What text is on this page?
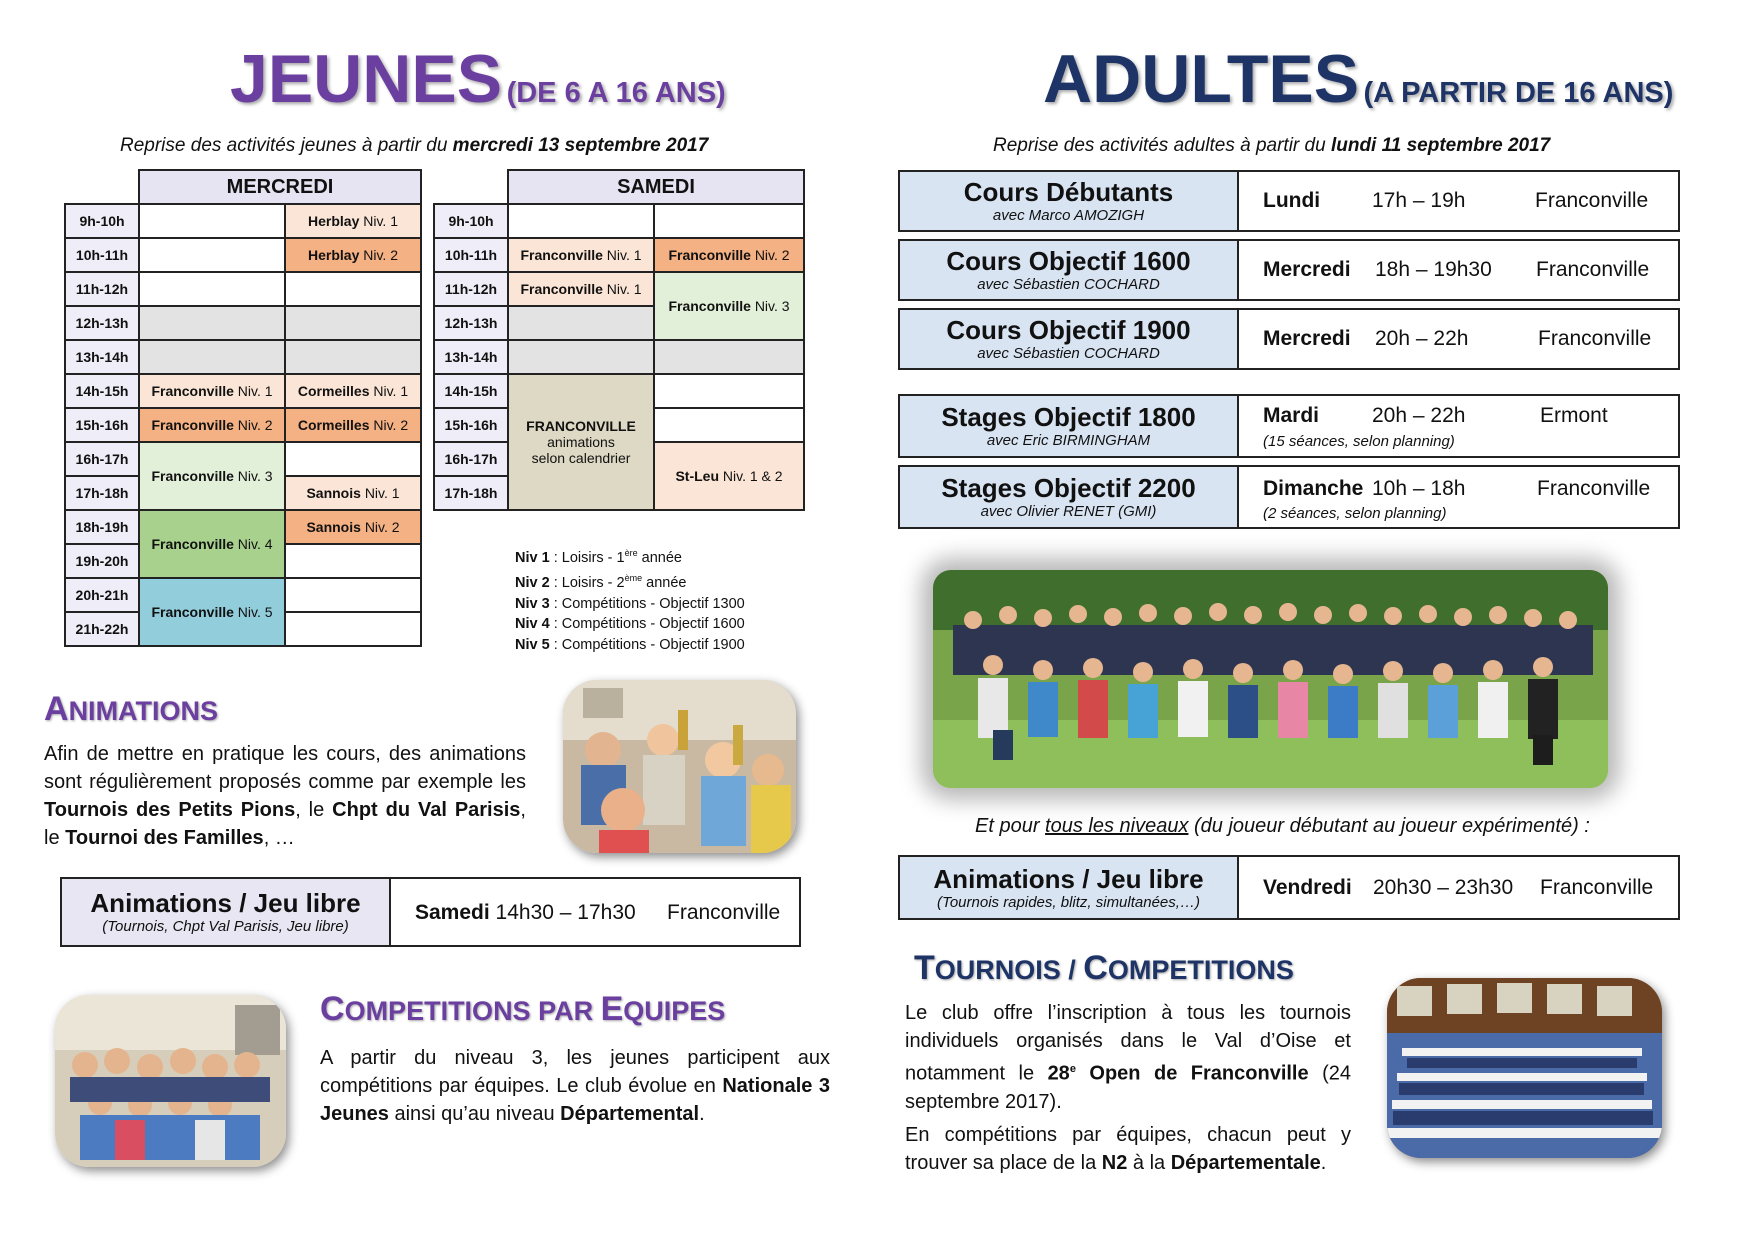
JEUNES (DE 6 A 16 ANS)
Reprise des activités jeunes à partir du mercredi 13 septembre 2017
	MERCREDI	
9h-10h		Herblay Niv. 1
10h-11h		Herblay Niv. 2
11h-12h		
12h-13h		
13h-14h		
14h-15h	Franconville Niv. 1	Cormeilles Niv. 1
15h-16h	Franconville Niv. 2	Cormeilles Niv. 2
16h-17h	Franconville Niv. 3	
17h-18h		Sannois Niv. 1
18h-19h	Franconville Niv. 4	Sannois Niv. 2
19h-20h		
20h-21h	Franconville Niv. 5	
21h-22h		
	SAMEDI	
9h-10h		
10h-11h	Franconville Niv. 1	Franconville Niv. 2
11h-12h	Franconville Niv. 1	Franconville Niv. 3
12h-13h		
13h-14h		
14h-15h	FRANCONVILLE
animations
selon calendrier	
15h-16h		
16h-17h		St-Leu Niv. 1 & 2
17h-18h		
Niv 1 : Loisirs - 1ère année
Niv 2 : Loisirs - 2ème année
Niv 3 : Compétitions - Objectif 1300
Niv 4 : Compétitions - Objectif 1600
Niv 5 : Compétitions - Objectif 1900
ANIMATIONS
Afin de mettre en pratique les cours, des animations sont régulièrement proposés comme par exemple les Tournois des Petits Pions, le Chpt du Val Parisis, le Tournoi des Familles, …
Animations / Jeu libre
(Tournois, Chpt Val Parisis, Jeu libre)
Samedi 14h30 – 17h30 Franconville
COMPETITIONS PAR EQUIPES
A partir du niveau 3, les jeunes participent aux compétitions par équipes. Le club évolue en Nationale 3 Jeunes ainsi qu’au niveau Départemental.
ADULTES (A PARTIR DE 16 ANS)
Reprise des activités adultes à partir du lundi 11 septembre 2017
Cours Débutants
avec Marco AMOZIGH
Lundi 17h – 19h	Franconville
Cours Objectif 1600
avec Sébastien COCHARD
Mercredi 18h – 19h30 Franconville
Cours Objectif 1900
avec Sébastien COCHARD
Mercredi 20h – 22h	Franconville
Stages Objectif 1800
avec Eric BIRMINGHAM
Mardi	20h – 22h	Ermont
(15 séances, selon planning)
Stages Objectif 2200
avec Olivier RENET (GMI)
Dimanche 10h – 18h	Franconville
(2 séances, selon planning)
Et pour tous les niveaux (du joueur débutant au joueur expérimenté) :
Animations / Jeu libre
(Tournois rapides, blitz, simultanées,…)
Vendredi 20h30 – 23h30 Franconville
TOURNOIS / COMPETITIONS
Le club offre l’inscription à tous les tournois individuels organisés dans le Val d’Oise et notamment le 28e Open de Franconville (24 septembre 2017).
En compétitions par équipes, chacun peut y trouver sa place de la N2 à la Départementale.
